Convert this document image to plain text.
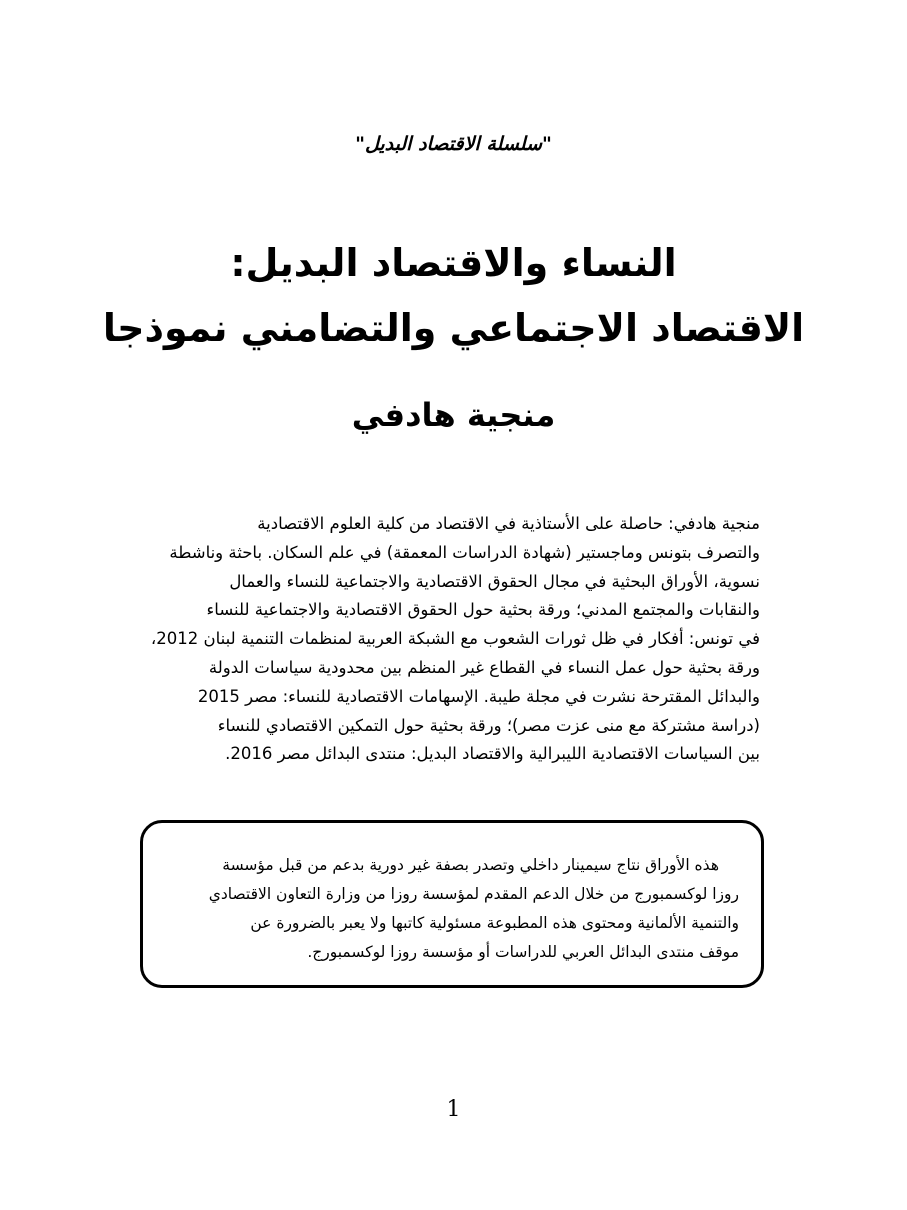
"سلسلة الاقتصاد البديل"
النساء والاقتصاد البديل:
الاقتصاد الاجتماعي والتضامني نموذجا
منجية هادفي
منجية هادفي: حاصلة على الأستاذية في الاقتصاد من كلية العلوم الاقتصادية
والتصرف بتونس وماجستير (شهادة الدراسات المعمقة) في علم السكان. باحثة وناشطة
نسوية، الأوراق البحثية في مجال الحقوق الاقتصادية والاجتماعية للنساء والعمال
والنقابات والمجتمع المدني؛ ورقة بحثية حول الحقوق الاقتصادية والاجتماعية للنساء
في تونس: أفكار في ظل ثورات الشعوب مع الشبكة العربية لمنظمات التنمية لبنان 2012،
ورقة بحثية حول عمل النساء في القطاع غير المنظم بين محدودية سياسات الدولة
والبدائل المقترحة نشرت في مجلة طيبة. الإسهامات الاقتصادية للنساء: مصر 2015
(دراسة مشتركة مع منى عزت مصر)؛ ورقة بحثية حول التمكين الاقتصادي للنساء
بين السياسات الاقتصادية الليبرالية والاقتصاد البديل: منتدى البدائل مصر 2016.
هذه الأوراق نتاج سيمينار داخلي وتصدر بصفة غير دورية بدعم من قبل مؤسسة
روزا لوكسمبورج من خلال الدعم المقدم لمؤسسة روزا من وزارة التعاون الاقتصادي
والتنمية الألمانية ومحتوى هذه المطبوعة مسئولية كاتبها ولا يعبر بالضرورة عن
موقف منتدى البدائل العربي للدراسات أو مؤسسة روزا لوكسمبورج.
1
